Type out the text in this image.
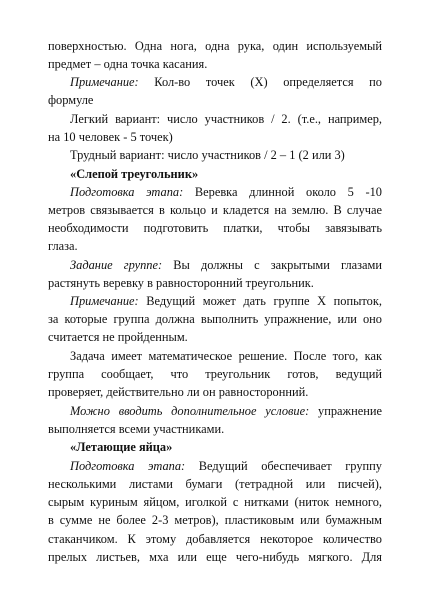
поверхностью. Одна нога, одна рука, один используемый

предмет – одна точка касания.

Примечание: Кол-во точек (Х) определяется по

формуле

Легкий вариант: число участников / 2. (т.е., например,

на 10 человек - 5 точек)

Трудный вариант: число участников / 2 – 1 (2 или 3)

«Слепой треугольник»

Подготовка этапа: Веревка длинной около 5 -10

метров связывается в кольцо и кладется на землю. В случае

необходимости подготовить платки, чтобы завязывать

глаза.

Задание группе: Вы должны с закрытыми глазами

растянуть веревку в равносторонний треугольник.

Примечание: Ведущий может дать группе Х попыток,

за которые группа должна выполнить упражнение, или оно

считается не пройденным.

Задача имеет математическое решение. После того, как

группа сообщает, что треугольник готов, ведущий

проверяет, действительно ли он равносторонний.

Можно вводить дополнительное условие: упражнение

выполняется всеми участниками.

«Летающие яйца»

Подготовка этапа: Ведущий обеспечивает группу

несколькими листами бумаги (тетрадной или писчей),

сырым куриным яйцом, иголкой с нитками (ниток немного,

в сумме не более 2-3 метров), пластиковым или бумажным

стаканчиком. К этому добавляется некоторое количество

прелых листьев, мха или еще чего-нибудь мягкого. Для
